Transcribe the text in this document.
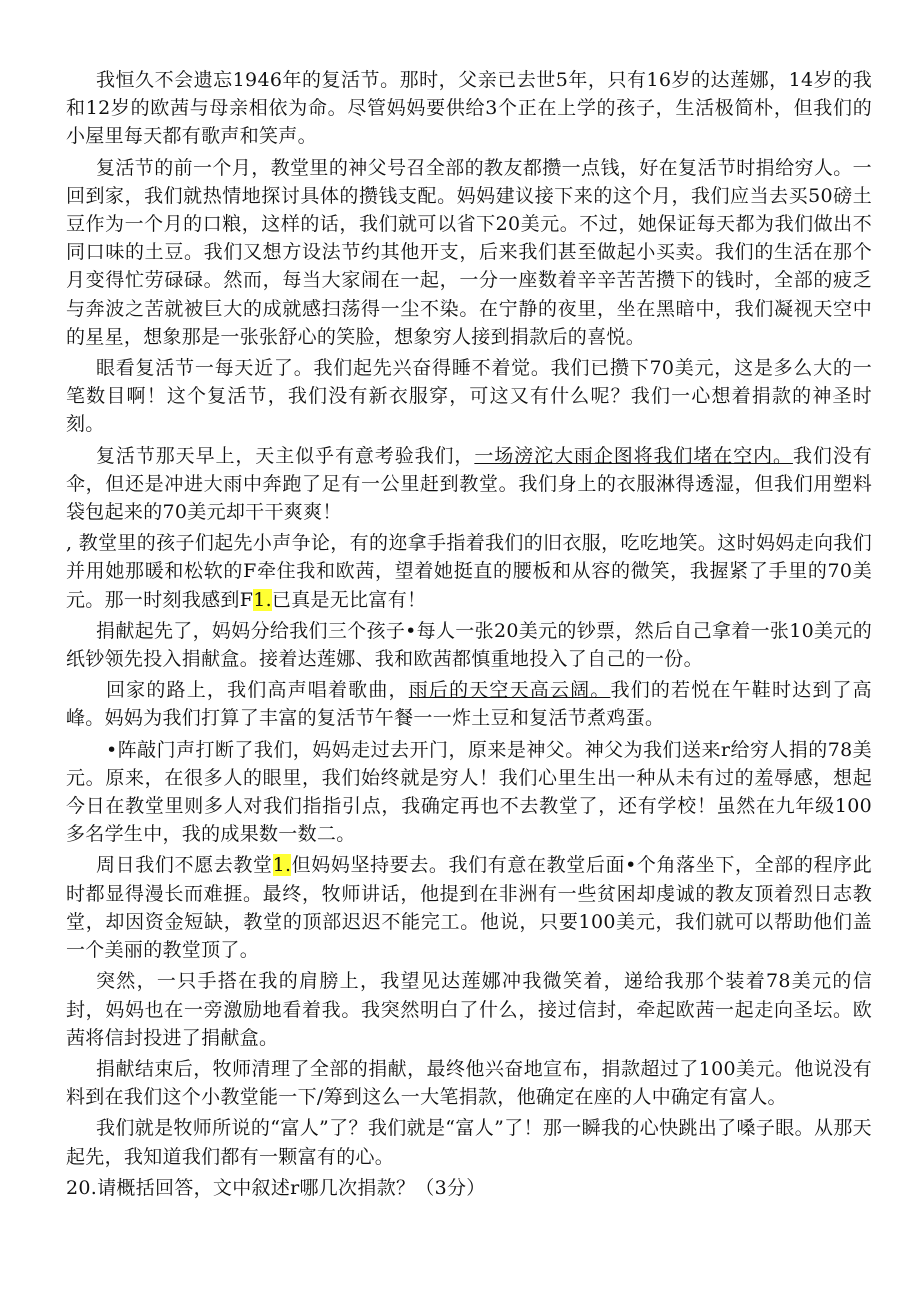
我恒久不会遗忘1946年的复活节。那时，父亲已去世5年，只有16岁的达莲娜，14岁的我和12岁的欧茜与母亲相依为命。尽管妈妈要供给3个正在上学的孩子，生活极简朴，但我们的小屋里每天都有歌声和笑声。

复活节的前一个月，教堂里的神父号召全部的教友都攒一点钱，好在复活节时捐给穷人。一回到家，我们就热情地探讨具体的攒钱支配。妈妈建议接下来的这个月，我们应当去买50磅土豆作为一个月的口粮，这样的话，我们就可以省下20美元。不过，她保证每天都为我们做出不同口味的土豆。我们又想方设法节约其他开支，后来我们甚至做起小买卖。我们的生活在那个月变得忙劳碌碌。然而，每当大家闹在一起，一分一座数着辛辛苦苦攒下的钱时，全部的疲乏与奔波之苦就被巨大的成就感扫荡得一尘不染。在宁静的夜里，坐在黑暗中，我们凝视天空中的星星，想象那是一张张舒心的笑脸，想象穷人接到捐款后的喜悦。

眼看复活节一每天近了。我们起先兴奋得睡不着觉。我们已攒下70美元，这是多么大的一笔数目啊！这个复活节，我们没有新衣服穿，可这又有什么呢？我们一心想着捐款的神圣时刻。

复活节那天早上，天主似乎有意考验我们，一场滂沱大雨企图将我们堵在空内。我们没有伞，但还是冲进大雨中奔跑了足有一公里赶到教堂。我们身上的衣服淋得透湿，但我们用塑料袋包起来的70美元却干干爽爽！

, 教堂里的孩子们起先小声争论，有的迩拿手指着我们的旧衣服，吃吃地笑。这时妈妈走向我们并用她那暖和松软的F牵住我和欧茜，望着她挺直的腰板和从容的微笑，我握紧了手里的70美元。那一时刻我感到F1.已真是无比富有！

捐献起先了，妈妈分给我们三个孩子•每人一张20美元的钞票，然后自己拿着一张10美元的纸钞领先投入捐献盒。接着达莲娜、我和欧茜都慎重地投入了自己的一份。

回家的路上，我们高声唱着歌曲，雨后的天空天高云阔。我们的若悦在午鞋时达到了高峰。妈妈为我们打算了丰富的复活节午餐一一炸土豆和复活节煮鸡蛋。

•阵敲门声打断了我们，妈妈走过去开门，原来是神父。神父为我们送来r给穷人捐的78美元。原来，在很多人的眼里，我们始终就是穷人！我们心里生出一种从未有过的羞辱感，想起今日在教堂里则多人对我们指指引点，我确定再也不去教堂了，还有学校！虽然在九年级100多名学生中，我的成果数一数二。

周日我们不愿去教堂1.但妈妈坚持要去。我们有意在教堂后面•个角落坐下，全部的程序此时都显得漫长而难捱。最终，牧师讲话，他提到在非洲有一些贫困却虔诚的教友顶着烈日志教堂，却因资金短缺，教堂的顶部迟迟不能完工。他说，只要100美元，我们就可以帮助他们盖一个美丽的教堂顶了。

突然，一只手搭在我的肩膀上，我望见达莲娜冲我微笑着，递给我那个装着78美元的信封，妈妈也在一旁激励地看着我。我突然明白了什么，接过信封，牵起欧茜一起走向圣坛。欧茜将信封投进了捐献盒。

捐献结束后，牧师清理了全部的捐献，最终他兴奋地宣布，捐款超过了100美元。他说没有料到在我们这个小教堂能一下/筹到这么一大笔捐款，他确定在座的人中确定有富人。

我们就是牧师所说的“富人”了？我们就是“富人”了！那一瞬我的心快跳出了嗓子眼。从那天起先，我知道我们都有一颗富有的心。

20.请概括回答，文中叙述r哪几次捐款？（3分）
